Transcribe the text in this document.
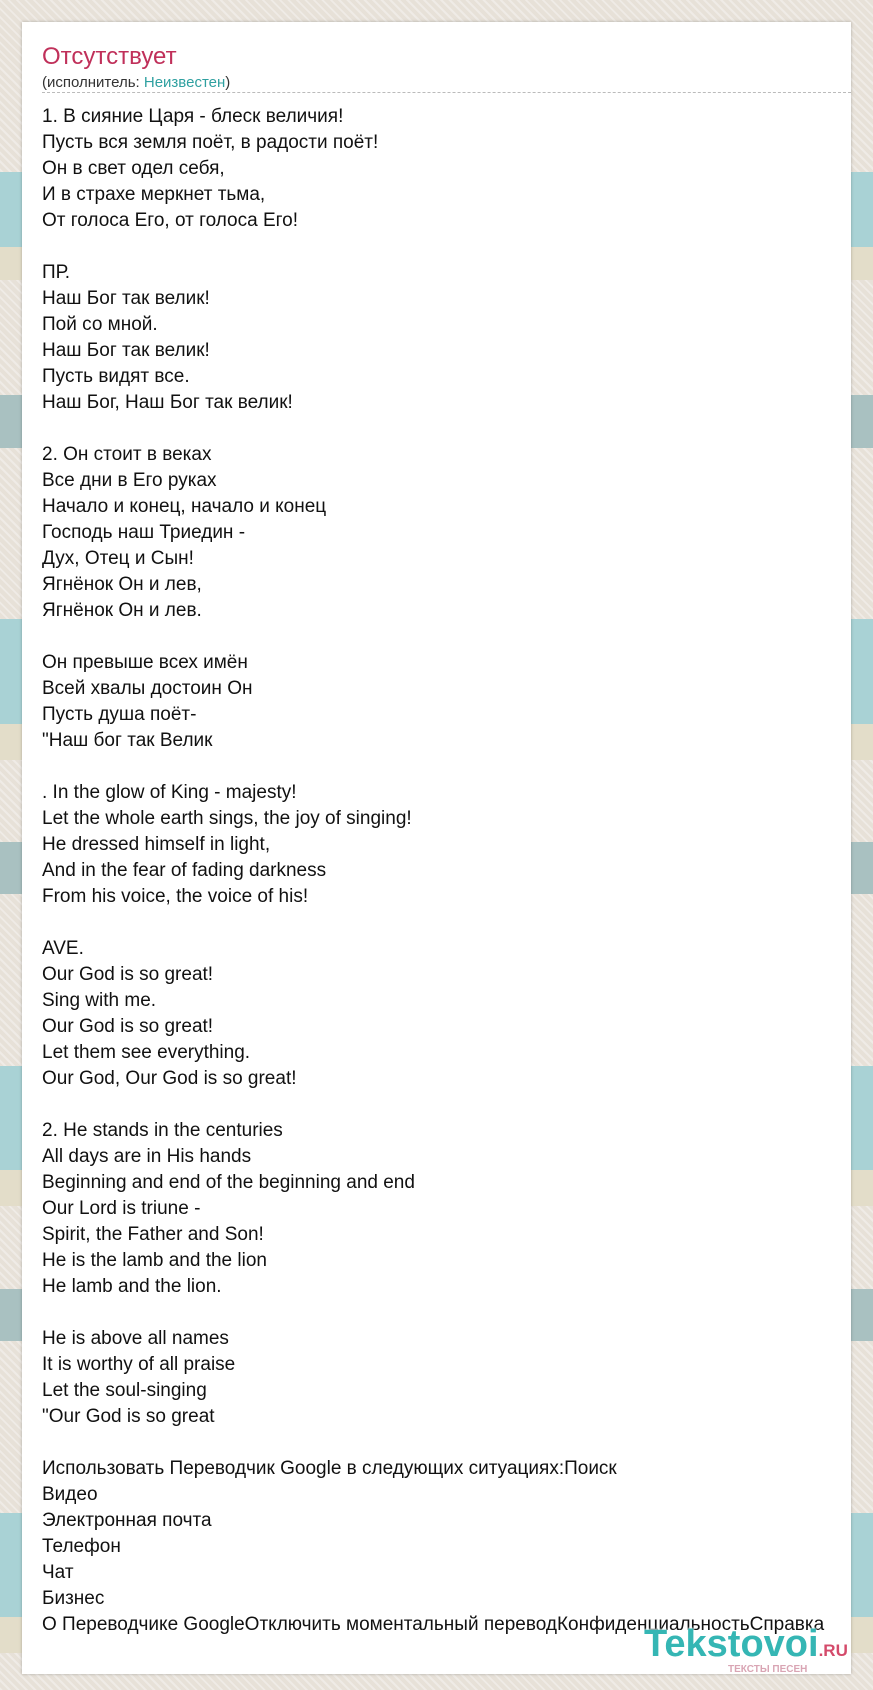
Отсутствует
(исполнитель: Неизвестен)
1. В сияние Царя - блеск величия!
Пусть вся земля поёт, в радости поёт!
Он в свет одел себя,
И в страхе меркнет тьма,
От голоса Его, от голоса Его!
ПР.
Наш Бог так велик!
Пой со мной.
Наш Бог так велик!
Пусть видят все.
Наш Бог, Наш Бог так велик!
2. Он стоит в веках
Все дни в Его руках
Начало и конец, начало и конец
Господь наш Триедин -
Дух, Отец и Сын!
Ягнёнок Он и лев,
Ягнёнок Он и лев.
Он превыше всех имён
Всей хвалы достоин Он
Пусть душа поёт-
"Наш бог так Велик
. In the glow of King - majesty!
Let the whole earth sings, the joy of singing!
He dressed himself in light,
And in the fear of fading darkness
From his voice, the voice of his!
AVE.
Our God is so great!
Sing with me.
Our God is so great!
Let them see everything.
Our God, Our God is so great!
2. He stands in the centuries
All days are in His hands
Beginning and end of the beginning and end
Our Lord is triune -
Spirit, the Father and Son!
He is the lamb and the lion
He lamb and the lion.
He is above all names
It is worthy of all praise
Let the soul-singing
"Our God is so great
Использовать Переводчик Google в следующих ситуациях:Поиск
Видео
Электронная почта
Телефон
Чат
Бизнес
О Переводчике GoogleОтключить моментальный переводКонфиденциальностьСправка
Tekstovoi.RU
ТЕКСТЫ ПЕСЕН
